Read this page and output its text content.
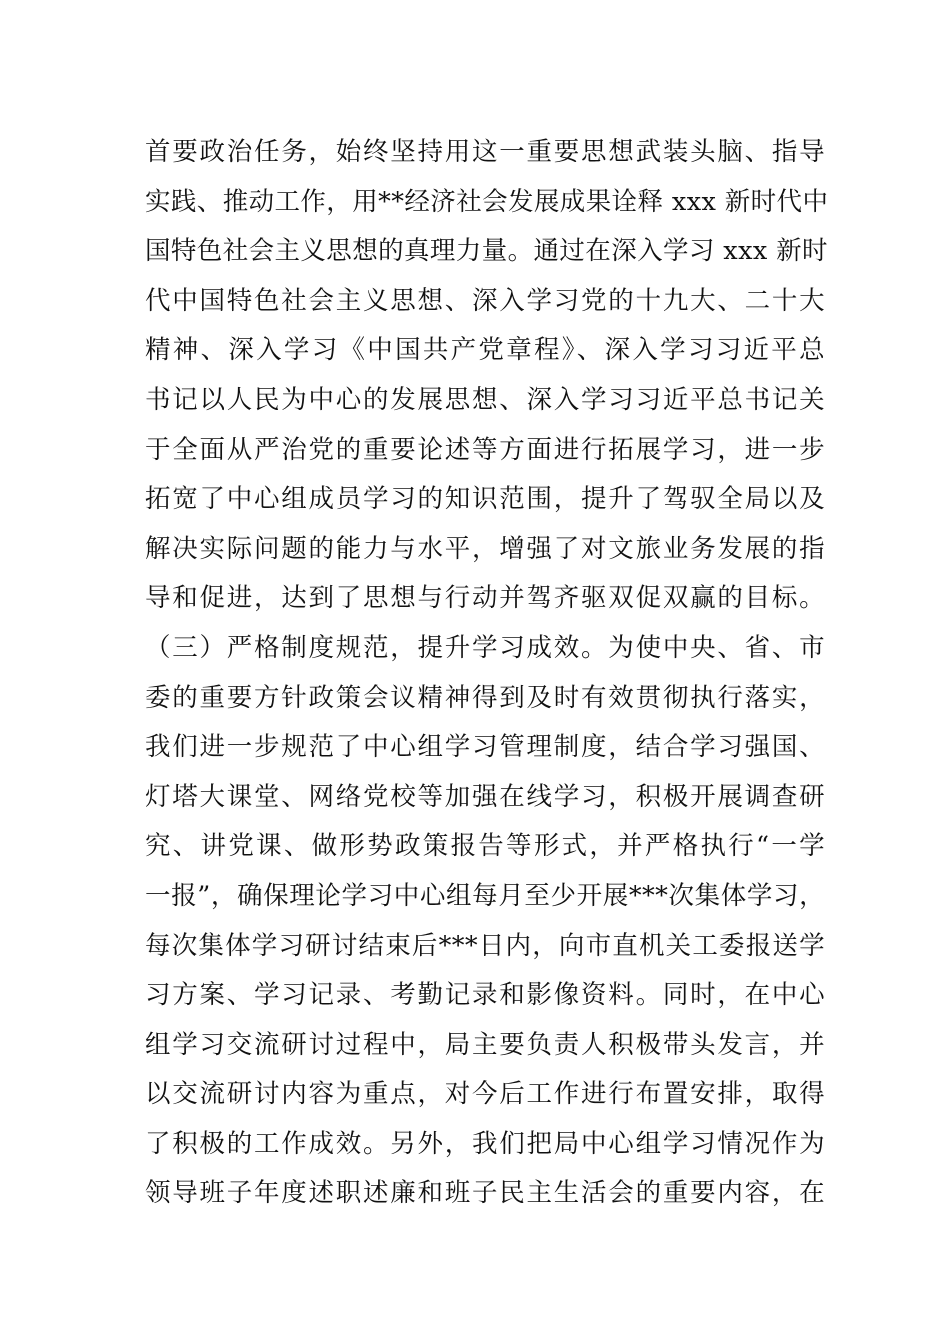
首要政治任务，始终坚持用这一重要思想武装头脑、指导
实践、推动工作，用**经济社会发展成果诠释 xxx 新时代中
国特色社会主义思想的真理力量。通过在深入学习 xxx 新时
代中国特色社会主义思想、深入学习党的十九大、二十大
精神、深入学习《中国共产党章程》、深入学习习近平总
书记以人民为中心的发展思想、深入学习习近平总书记关
于全面从严治党的重要论述等方面进行拓展学习，进一步
拓宽了中心组成员学习的知识范围，提升了驾驭全局以及
解决实际问题的能力与水平，增强了对文旅业务发展的指
导和促进，达到了思想与行动并驾齐驱双促双赢的目标。
（三）严格制度规范，提升学习成效。为使中央、省、市
委的重要方针政策会议精神得到及时有效贯彻执行落实，
我们进一步规范了中心组学习管理制度，结合学习强国、
灯塔大课堂、网络党校等加强在线学习，积极开展调查研
究、讲党课、做形势政策报告等形式，并严格执行“一学
一报”，确保理论学习中心组每月至少开展***次集体学习，
每次集体学习研讨结束后***日内，向市直机关工委报送学
习方案、学习记录、考勤记录和影像资料。同时，在中心
组学习交流研讨过程中，局主要负责人积极带头发言，并
以交流研讨内容为重点，对今后工作进行布置安排，取得
了积极的工作成效。另外，我们把局中心组学习情况作为
领导班子年度述职述廉和班子民主生活会的重要内容，在
